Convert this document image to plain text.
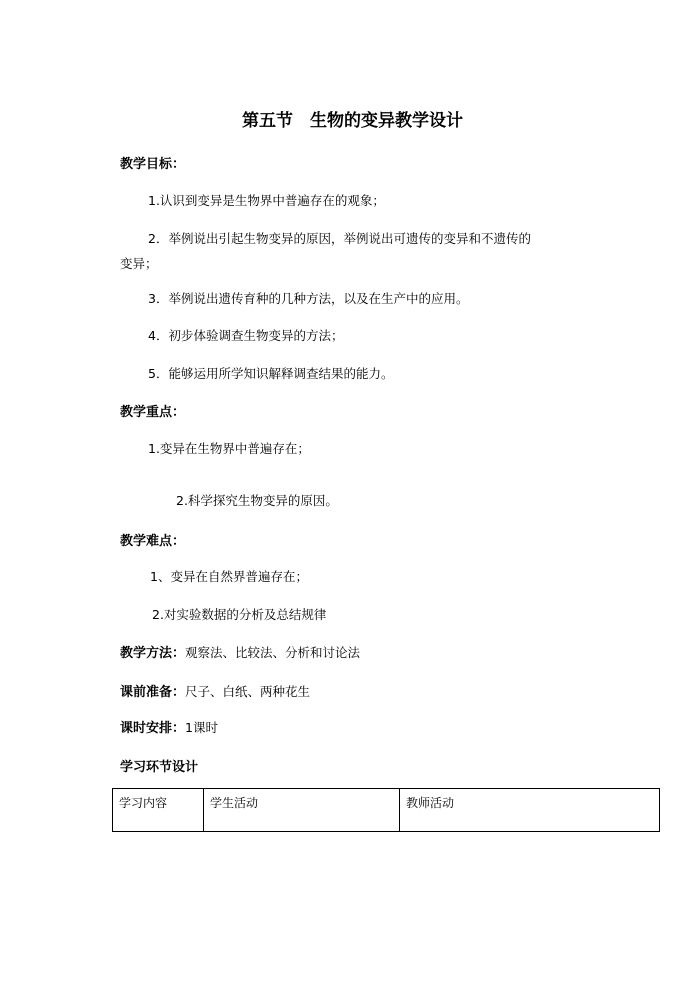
第五节　生物的变异教学设计
教学目标：
1.认识到变异是生物界中普遍存在的观象；
2．举例说出引起生物变异的原因，举例说出可遗传的变异和不遗传的
变异；
3．举例说出遗传育种的几种方法，以及在生产中的应用。
4．初步体验调查生物变异的方法；
5．能够运用所学知识解释调查结果的能力。
教学重点：
1.变异在生物界中普遍存在；
2.科学探究生物变异的原因。
教学难点：
1、变异在自然界普遍存在；
2.对实验数据的分析及总结规律
教学方法：观察法、比较法、分析和讨论法
课前准备：尺子、白纸、两种花生
课时安排：1课时
学习环节设计
学习内容	学生活动	教师活动
